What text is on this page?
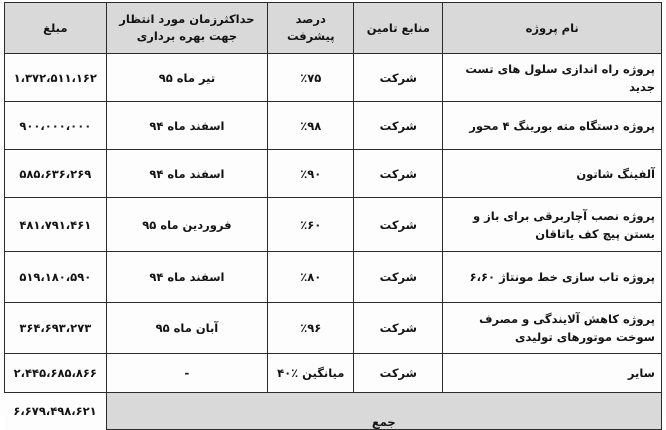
نام پروژه	منابع تامین	درصد پیشرفت	حداکثرزمان مورد انتظار جهت بهره برداری	مبلغ
پروژه راه اندازی سلول های تست جدید	شرکت	٪۷۵	تیر ماه ۹۵	۱،۳۷۲،۵۱۱،۱۶۲
پروژه دستگاه مته بورینگ ۴ محور	شرکت	٪۹۸	اسفند ماه ۹۴	۹۰۰،۰۰۰،۰۰۰
آلفینگ شاتون	شرکت	٪۹۰	اسفند ماه ۹۴	۵۸۵،۶۳۶،۲۶۹
پروژه نصب آچاربرقی برای باز و بستن پیچ کف یاتاقان	شرکت	٪۶۰	فروردین ماه ۹۵	۴۸۱،۷۹۱،۴۶۱
پروژه تاب سازی خط مونتاژ ۶،۶۰	شرکت	٪۸۰	اسفند ماه ۹۴	۵۱۹،۱۸۰،۵۹۰
پروژه کاهش آلایندگی و مصرف سوخت موتورهای تولیدی	شرکت	٪۹۶	آبان ماه ۹۵	۳۶۴،۶۹۳،۲۷۳
سایر	شرکت	میانگین ٪۴۰	-	۲،۴۴۵،۶۸۵،۸۶۶
جمع				۶،۶۷۹،۴۹۸،۶۲۱
